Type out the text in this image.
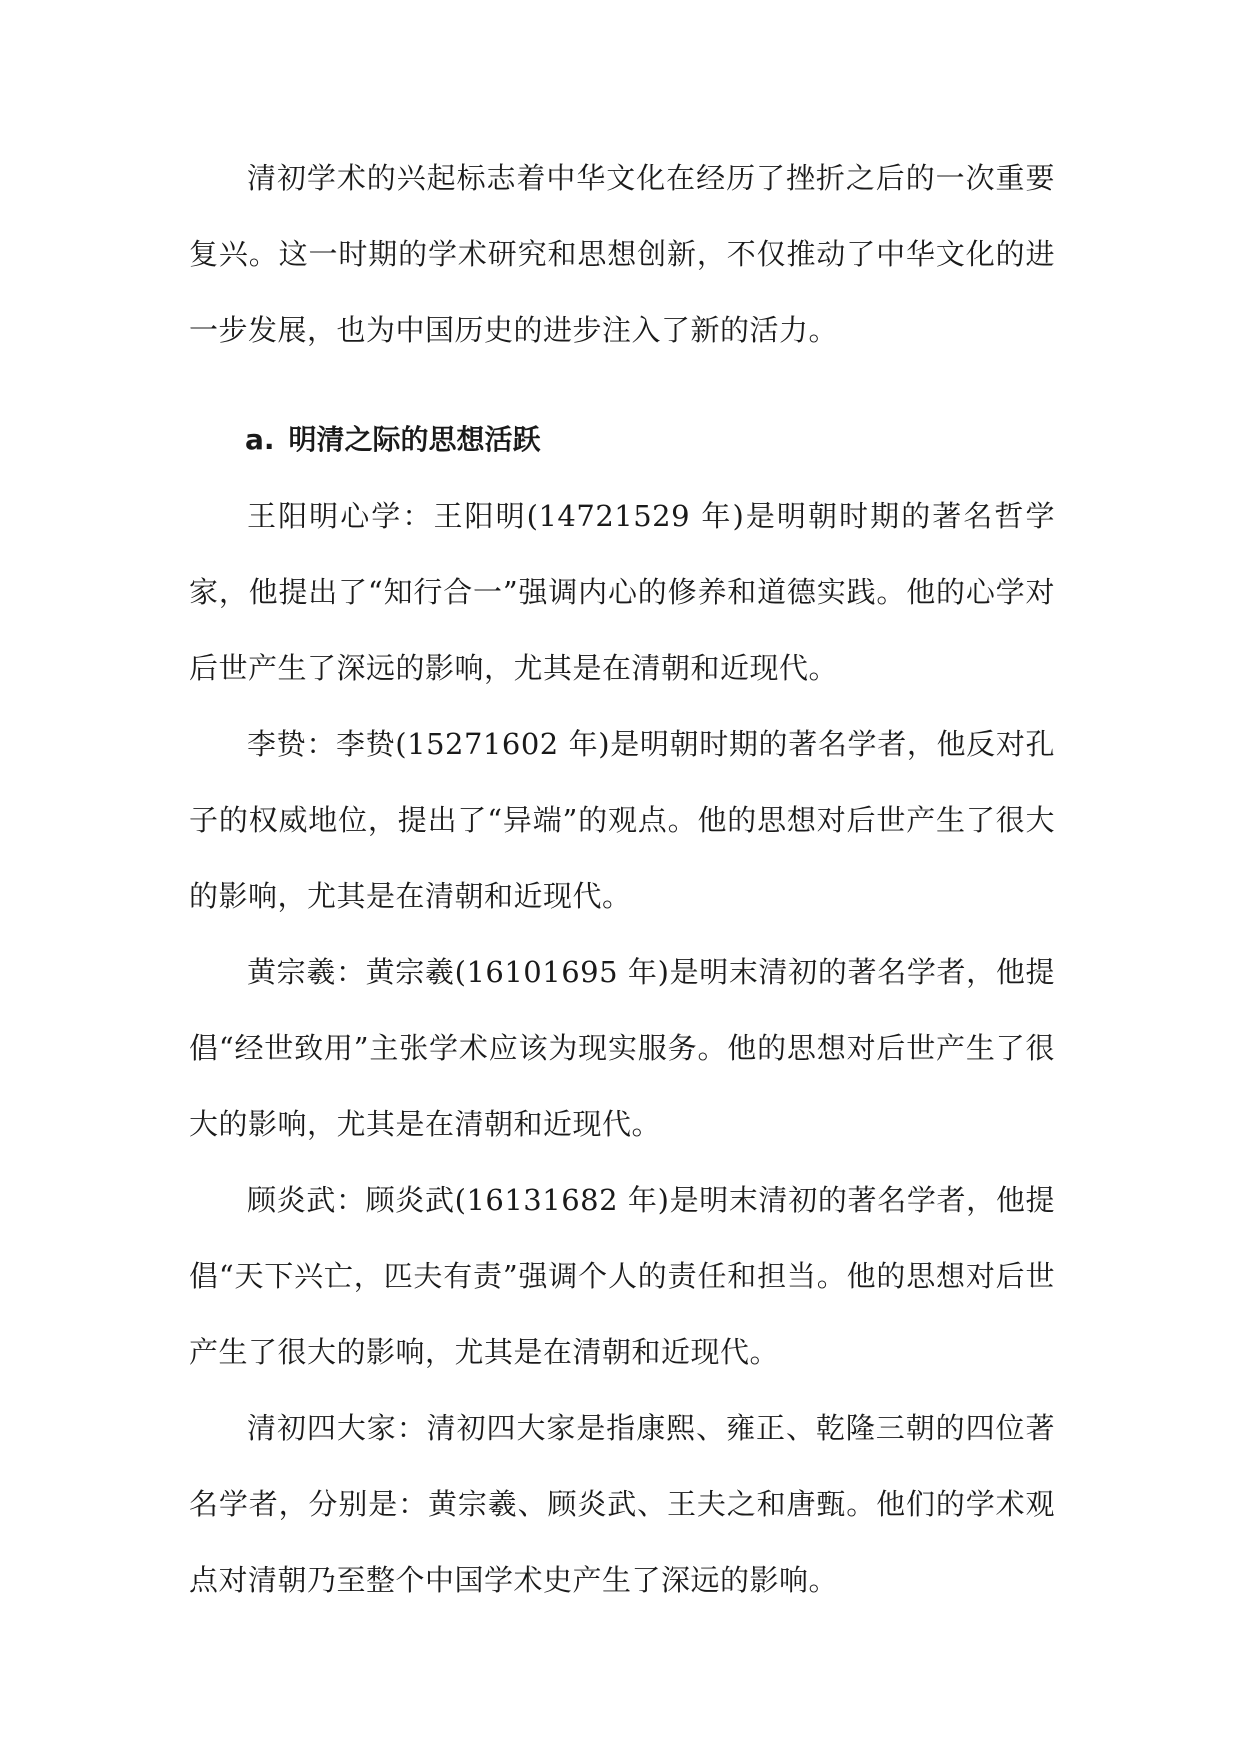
清初学术的兴起标志着中华文化在经历了挫折之后的一次重要复兴。这一时期的学术研究和思想创新，不仅推动了中华文化的进一步发展，也为中国历史的进步注入了新的活力。

a. 明清之际的思想活跃

王阳明心学：王阳明(14721529 年)是明朝时期的著名哲学家，他提出了“知行合一”强调内心的修养和道德实践。他的心学对后世产生了深远的影响，尤其是在清朝和近现代。

李贽：李贽(15271602 年)是明朝时期的著名学者，他反对孔子的权威地位，提出了“异端”的观点。他的思想对后世产生了很大的影响，尤其是在清朝和近现代。

黄宗羲：黄宗羲(16101695 年)是明末清初的著名学者，他提倡“经世致用”主张学术应该为现实服务。他的思想对后世产生了很大的影响，尤其是在清朝和近现代。

顾炎武：顾炎武(16131682 年)是明末清初的著名学者，他提倡“天下兴亡，匹夫有责”强调个人的责任和担当。他的思想对后世产生了很大的影响，尤其是在清朝和近现代。

清初四大家：清初四大家是指康熙、雍正、乾隆三朝的四位著名学者，分别是：黄宗羲、顾炎武、王夫之和唐甄。他们的学术观点对清朝乃至整个中国学术史产生了深远的影响。
